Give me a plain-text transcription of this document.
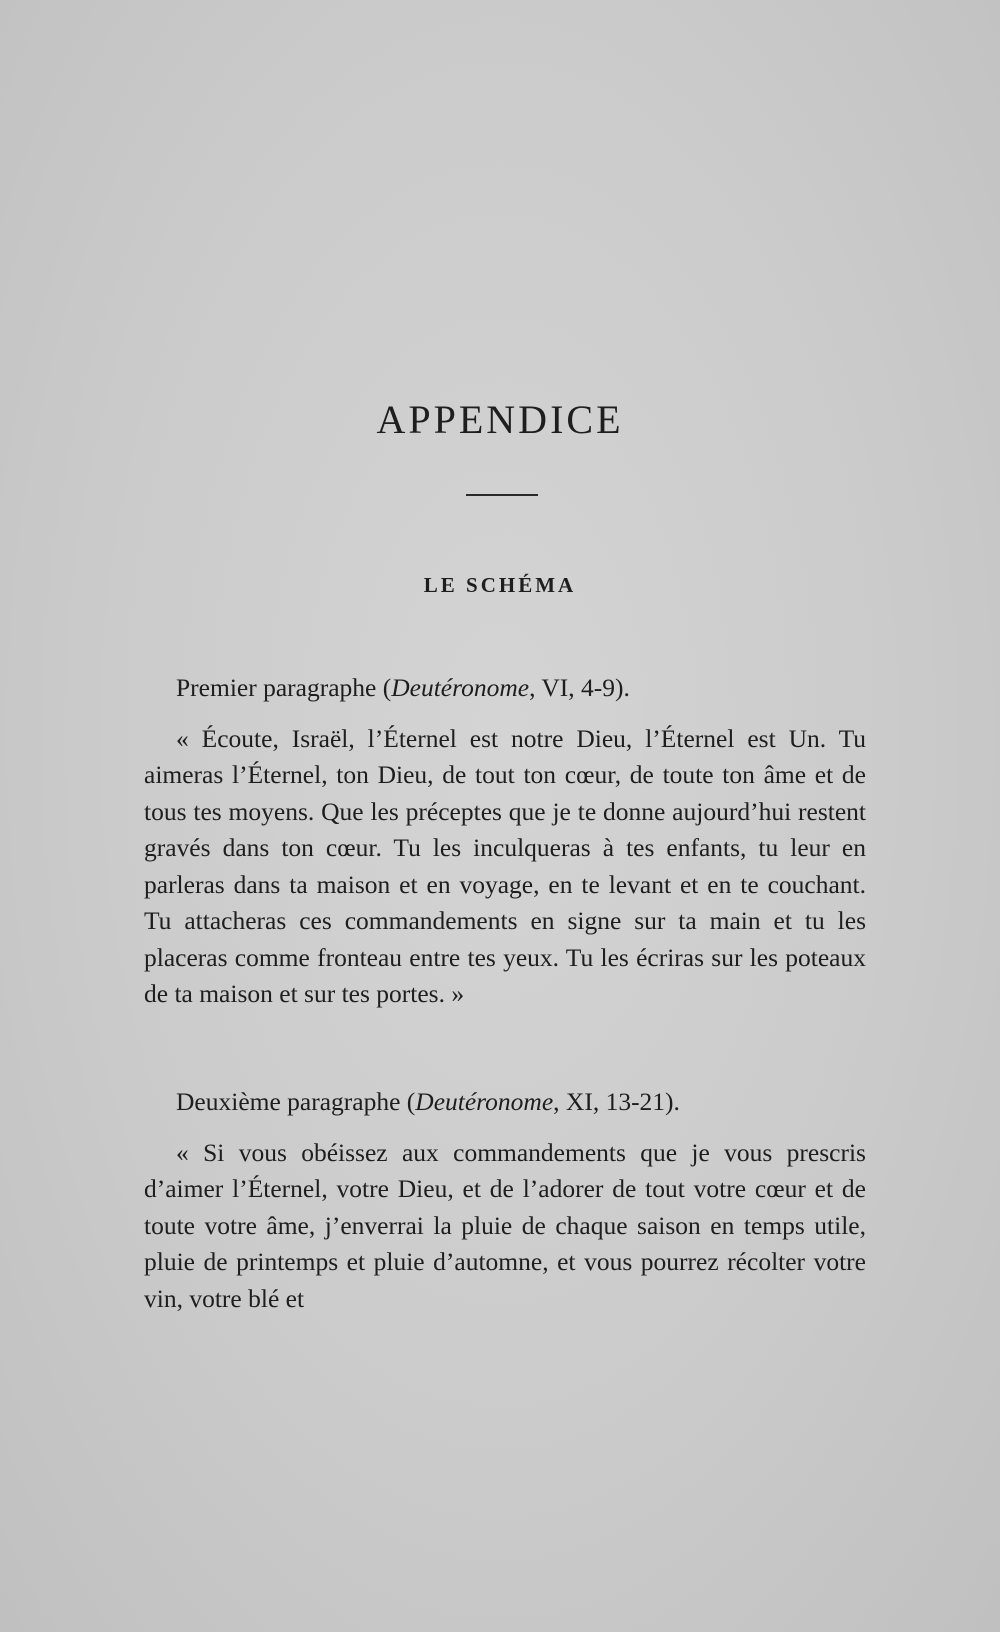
APPENDICE
LE SCHÉMA

Premier paragraphe (Deutéronome, VI, 4-9).

« Écoute, Israël, l’Éternel est notre Dieu, l’Éternel est Un. Tu aimeras l’Éternel, ton Dieu, de tout ton cœur, de toute ton âme et de tous tes moyens. Que les préceptes que je te donne aujourd’hui restent gravés dans ton cœur. Tu les inculqueras à tes enfants, tu leur en parleras dans ta maison et en voyage, en te levant et en te couchant. Tu attacheras ces commandements en signe sur ta main et tu les placeras comme fronteau entre tes yeux. Tu les écriras sur les poteaux de ta maison et sur tes portes. »

Deuxième paragraphe (Deutéronome, XI, 13-21).

« Si vous obéissez aux commandements que je vous prescris d’aimer l’Éternel, votre Dieu, et de l’adorer de tout votre cœur et de toute votre âme, j’enverrai la pluie de chaque saison en temps utile, pluie de printemps et pluie d’automne, et vous pourrez récolter votre vin, votre blé et
